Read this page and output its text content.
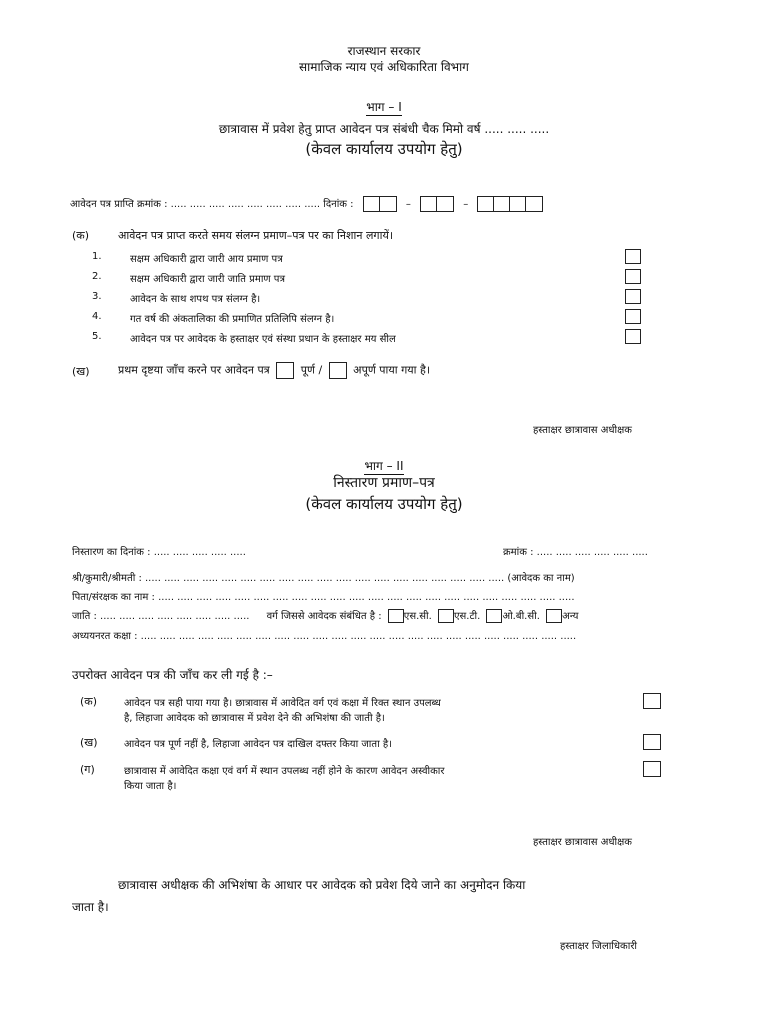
राजस्थान सरकार
सामाजिक न्याय एवं अधिकारिता विभाग
भाग – I
छात्रावास में प्रवेश हेतु प्राप्त आवेदन पत्र संबंधी चैक मिमो वर्ष ..... ..... .....
(केवल कार्यालय उपयोग हेतु)
आवेदन पत्र प्राप्ति क्रमांक : ..... ..... ..... ..... ..... ..... ..... ..... दिनांक :	–	–
(क)	आवेदन पत्र प्राप्त करते समय संलग्न प्रमाण–पत्र पर का निशान लगायें।
1.	सक्षम अधिकारी द्वारा जारी आय प्रमाण पत्र
2.	सक्षम अधिकारी द्वारा जारी जाति प्रमाण पत्र
3.	आवेदन के साथ शपथ पत्र संलग्न है।
4.	गत वर्ष की अंकतालिका की प्रमाणित प्रतिलिपि संलग्न है।
5.	आवेदन पत्र पर आवेदक के हस्ताक्षर एवं संस्था प्रधान के हस्ताक्षर मय सील
(ख)	प्रथम दृष्टया जाँच करने पर आवेदन पत्र	पूर्ण /	अपूर्ण पाया गया है।
हस्ताक्षर छात्रावास अधीक्षक
भाग – II
निस्तारण प्रमाण–पत्र
(केवल कार्यालय उपयोग हेतु)
निस्तारण का दिनांक : ..... ..... ..... ..... .....	क्रमांक : ..... ..... ..... ..... ..... .....
श्री/कुमारी/श्रीमती : ..... ..... ..... ..... ..... ..... ..... ..... ..... ..... ..... ..... ..... ..... ..... ..... ..... ..... ..... (आवेदक का नाम)
पिता/संरक्षक का नाम : ..... ..... ..... ..... ..... ..... ..... ..... ..... ..... ..... ..... ..... ..... ..... ..... ..... ..... ..... ..... ..... .....
जाति : ..... ..... ..... ..... ..... ..... ..... ..... वर्ग जिससे आवेदक संबंधित है : एस.सी. एस.टी. ओ.बी.सी. अन्य
अध्ययनरत कक्षा : ..... ..... ..... ..... ..... ..... ..... ..... ..... ..... ..... ..... ..... ..... ..... ..... ..... ..... ..... ..... ..... ..... .....
उपरोक्त आवेदन पत्र की जाँच कर ली गई है :–
(क)	आवेदन पत्र सही पाया गया है। छात्रावास में आवेदित वर्ग एवं कक्षा में रिक्त स्थान उपलब्ध
है, लिहाजा आवेदक को छात्रावास में प्रवेश देने की अभिशंषा की जाती है।
(ख)	आवेदन पत्र पूर्ण नहीं है, लिहाजा आवेदन पत्र दाखिल दफ्तर किया जाता है।
(ग)	छात्रावास में आवेदित कक्षा एवं वर्ग में स्थान उपलब्ध नहीं होने के कारण आवेदन अस्वीकार
किया जाता है।
हस्ताक्षर छात्रावास अधीक्षक
छात्रावास अधीक्षक की अभिशंषा के आधार पर आवेदक को प्रवेश दिये जाने का अनुमोदन किया
जाता है।
हस्ताक्षर जिलाधिकारी
